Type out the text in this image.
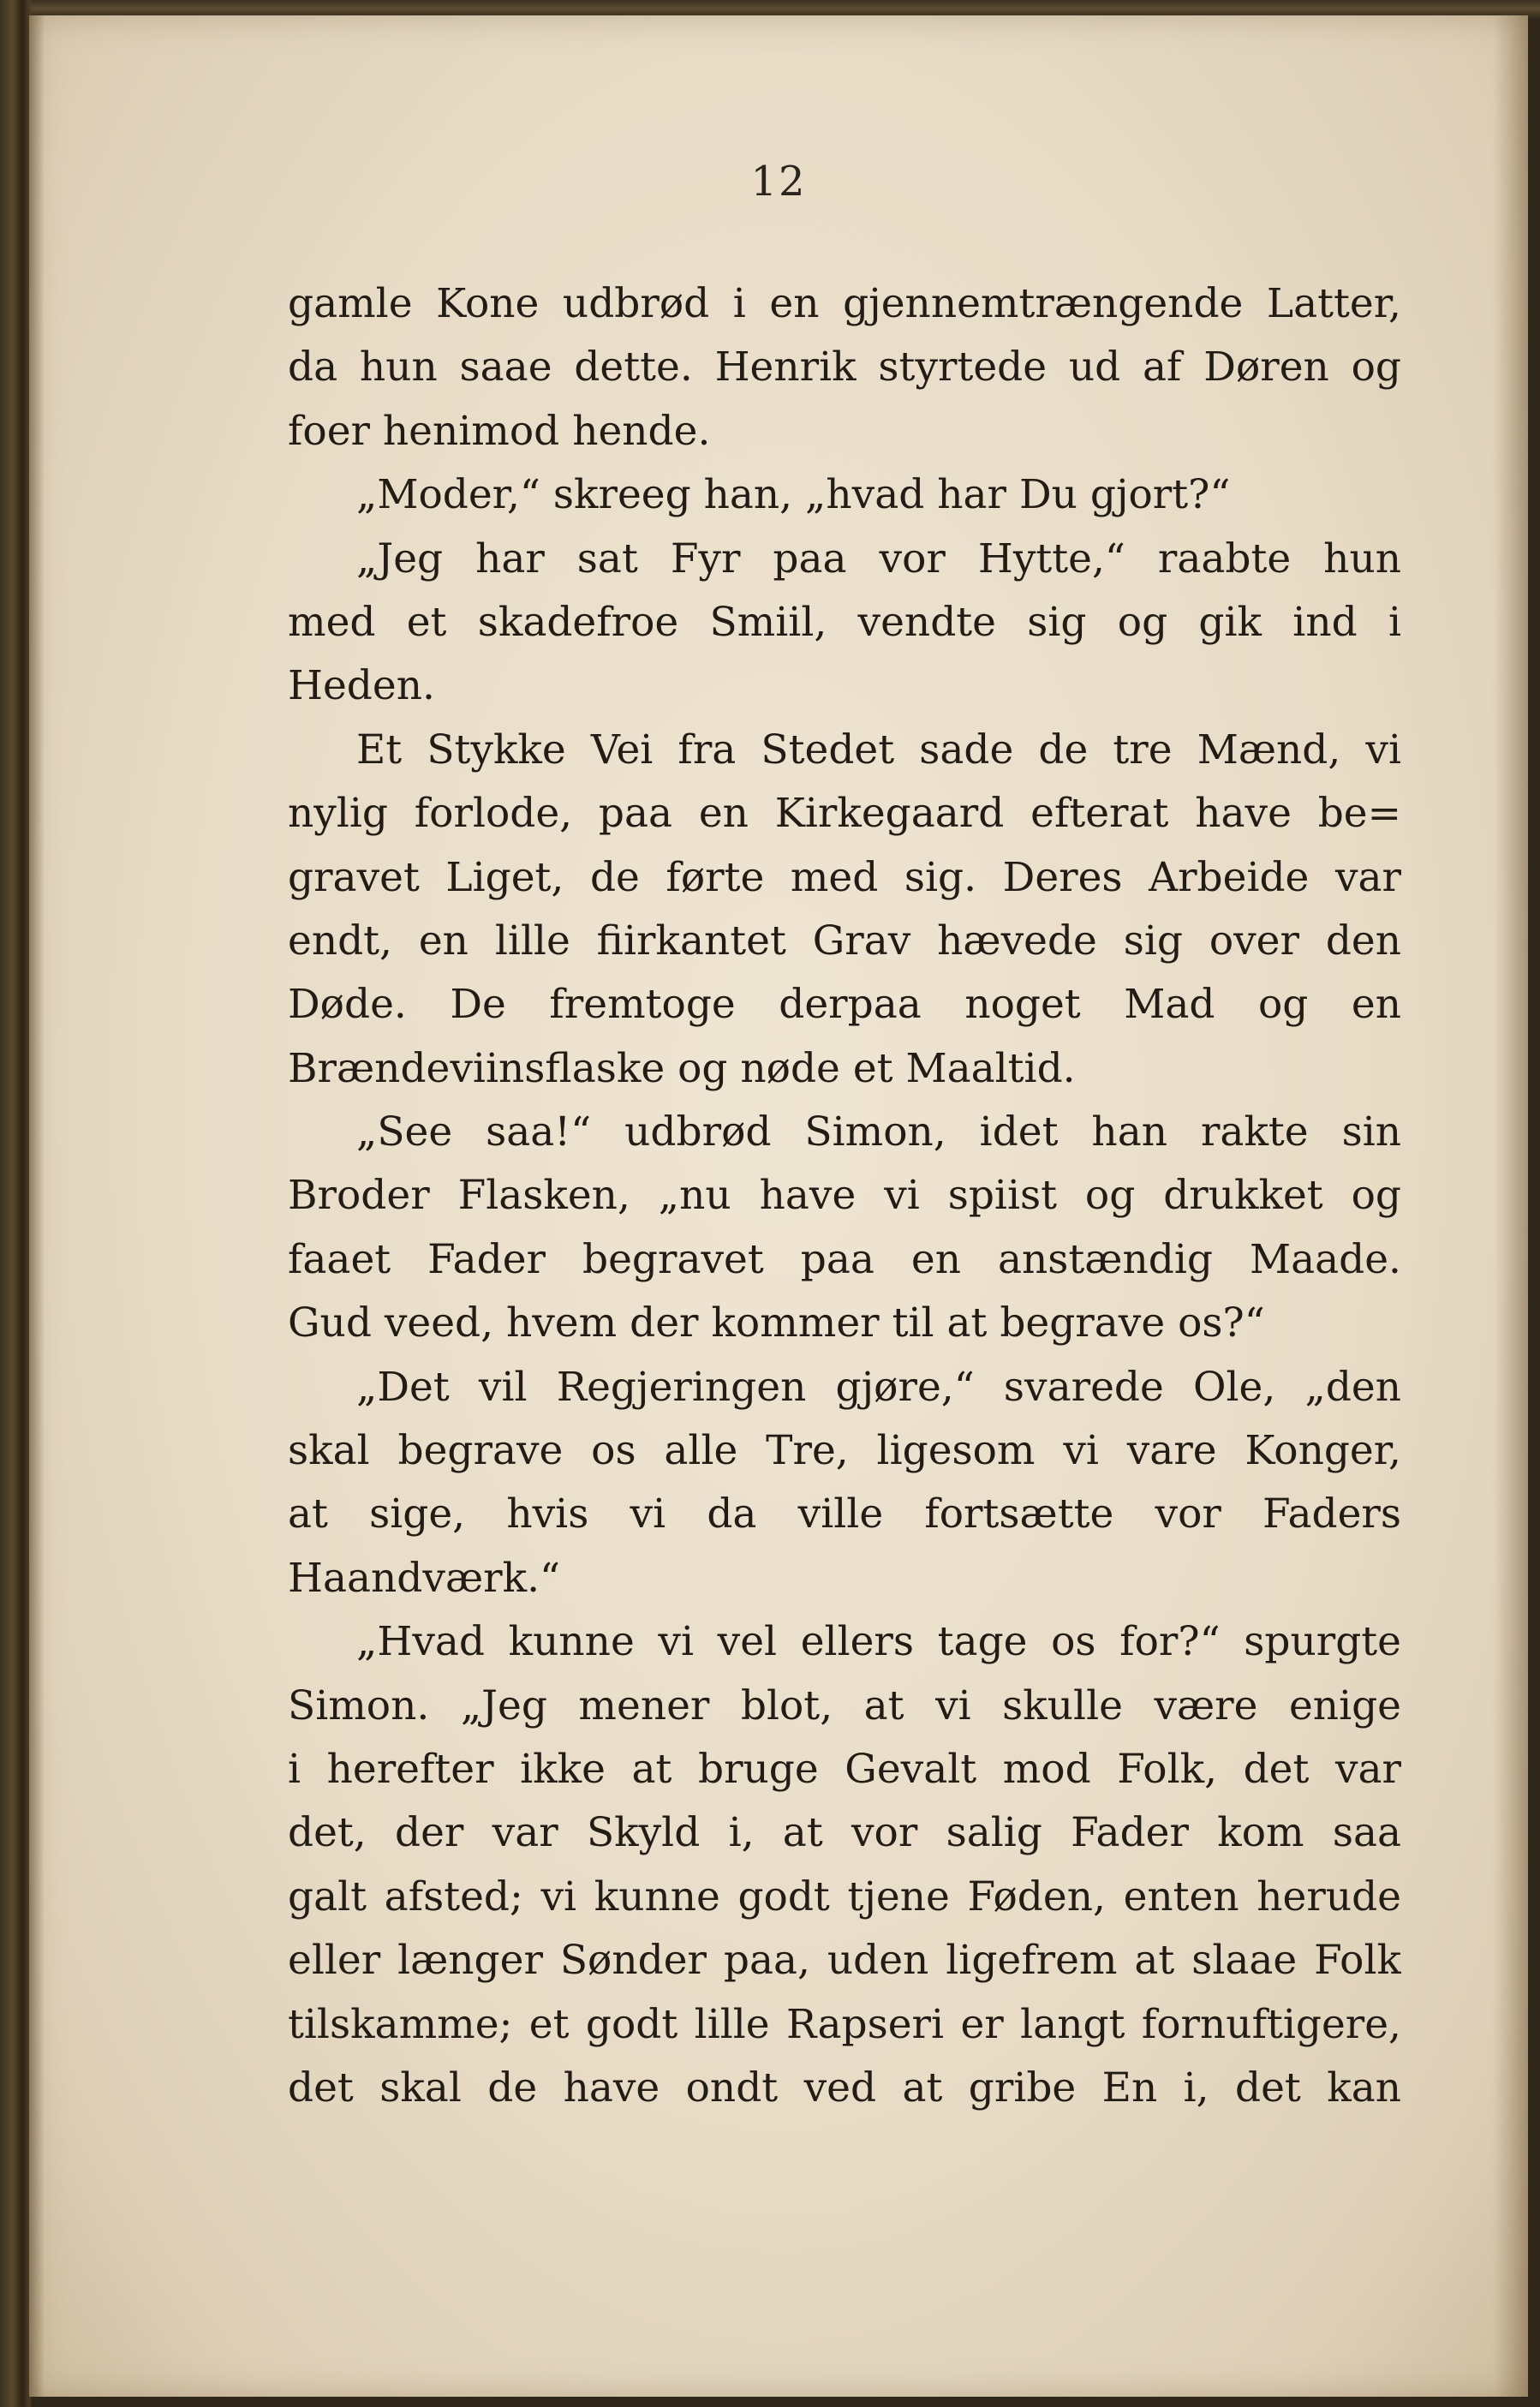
12
gamle Kone udbrød i en gjennemtrængende Latter,
da hun saae dette. Henrik styrtede ud af Døren og
foer henimod hende.
„Moder,“ skreeg han, „hvad har Du gjort?“
„Jeg har sat Fyr paa vor Hytte,“ raabte hun
med et skadefroe Smiil, vendte sig og gik ind i
Heden.
Et Stykke Vei fra Stedet sade de tre Mænd, vi
nylig forlode, paa en Kirkegaard efterat have be=
gravet Liget, de førte med sig. Deres Arbeide var
endt, en lille fiirkantet Grav hævede sig over den
Døde. De fremtoge derpaa noget Mad og en
Brændeviinsflaske og nøde et Maaltid.
„See saa!“ udbrød Simon, idet han rakte sin
Broder Flasken, „nu have vi spiist og drukket og
faaet Fader begravet paa en anstændig Maade.
Gud veed, hvem der kommer til at begrave os?“
„Det vil Regjeringen gjøre,“ svarede Ole, „den
skal begrave os alle Tre, ligesom vi vare Konger,
at sige, hvis vi da ville fortsætte vor Faders
Haandværk.“
„Hvad kunne vi vel ellers tage os for?“ spurgte
Simon. „Jeg mener blot, at vi skulle være enige
i herefter ikke at bruge Gevalt mod Folk, det var
det, der var Skyld i, at vor salig Fader kom saa
galt afsted; vi kunne godt tjene Føden, enten herude
eller længer Sønder paa, uden ligefrem at slaae Folk
tilskamme; et godt lille Rapseri er langt fornuftigere,
det skal de have ondt ved at gribe En i, det kan
